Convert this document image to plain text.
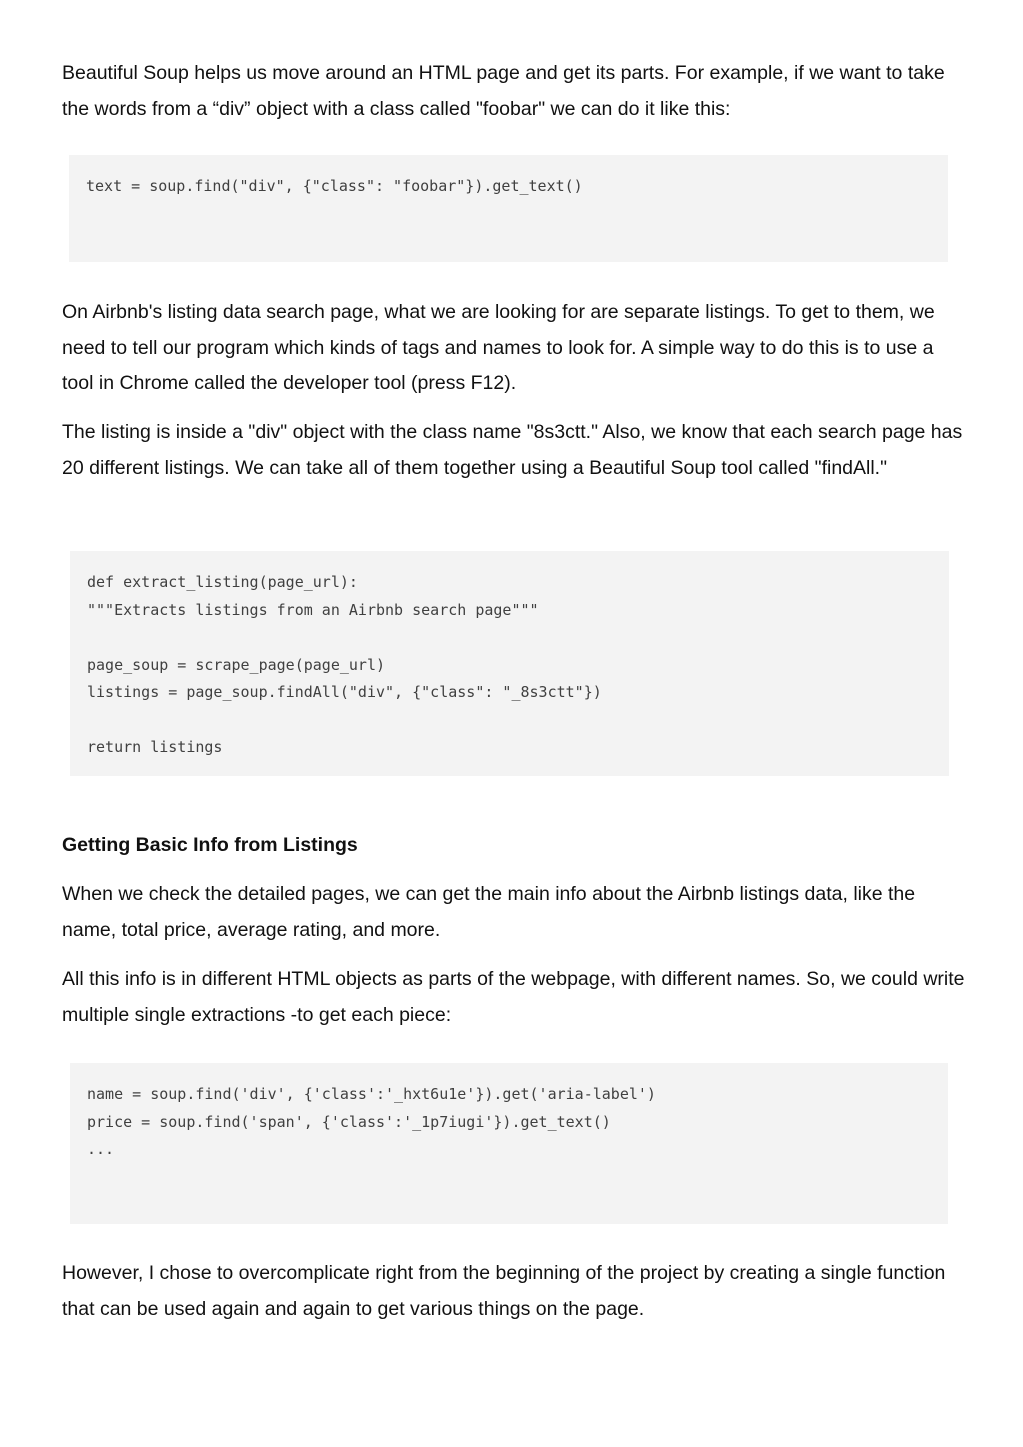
Beautiful Soup helps us move around an HTML page and get its parts. For example, if we want to take the words from a “div” object with a class called "foobar" we can do it like this:

text = soup.find("div", {"class": "foobar"}).get_text()

On Airbnb's listing data search page, what we are looking for are separate listings. To get to them, we need to tell our program which kinds of tags and names to look for. A simple way to do this is to use a tool in Chrome called the developer tool (press F12).

The listing is inside a "div" object with the class name "8s3ctt." Also, we know that each search page has 20 different listings. We can take all of them together using a Beautiful Soup tool called "findAll."

def extract_listing(page_url):
"""Extracts listings from an Airbnb search page"""
page_soup = scrape_page(page_url)
listings = page_soup.findAll("div", {"class": "_8s3ctt"})
return listings

Getting Basic Info from Listings

When we check the detailed pages, we can get the main info about the Airbnb listings data, like the name, total price, average rating, and more.

All this info is in different HTML objects as parts of the webpage, with different names. So, we could write multiple single extractions -to get each piece:

name = soup.find('div', {'class':'_hxt6u1e'}).get('aria-label')
price = soup.find('span', {'class':'_1p7iugi'}).get_text()
...

However, I chose to overcomplicate right from the beginning of the project by creating a single function that can be used again and again to get various things on the page.
